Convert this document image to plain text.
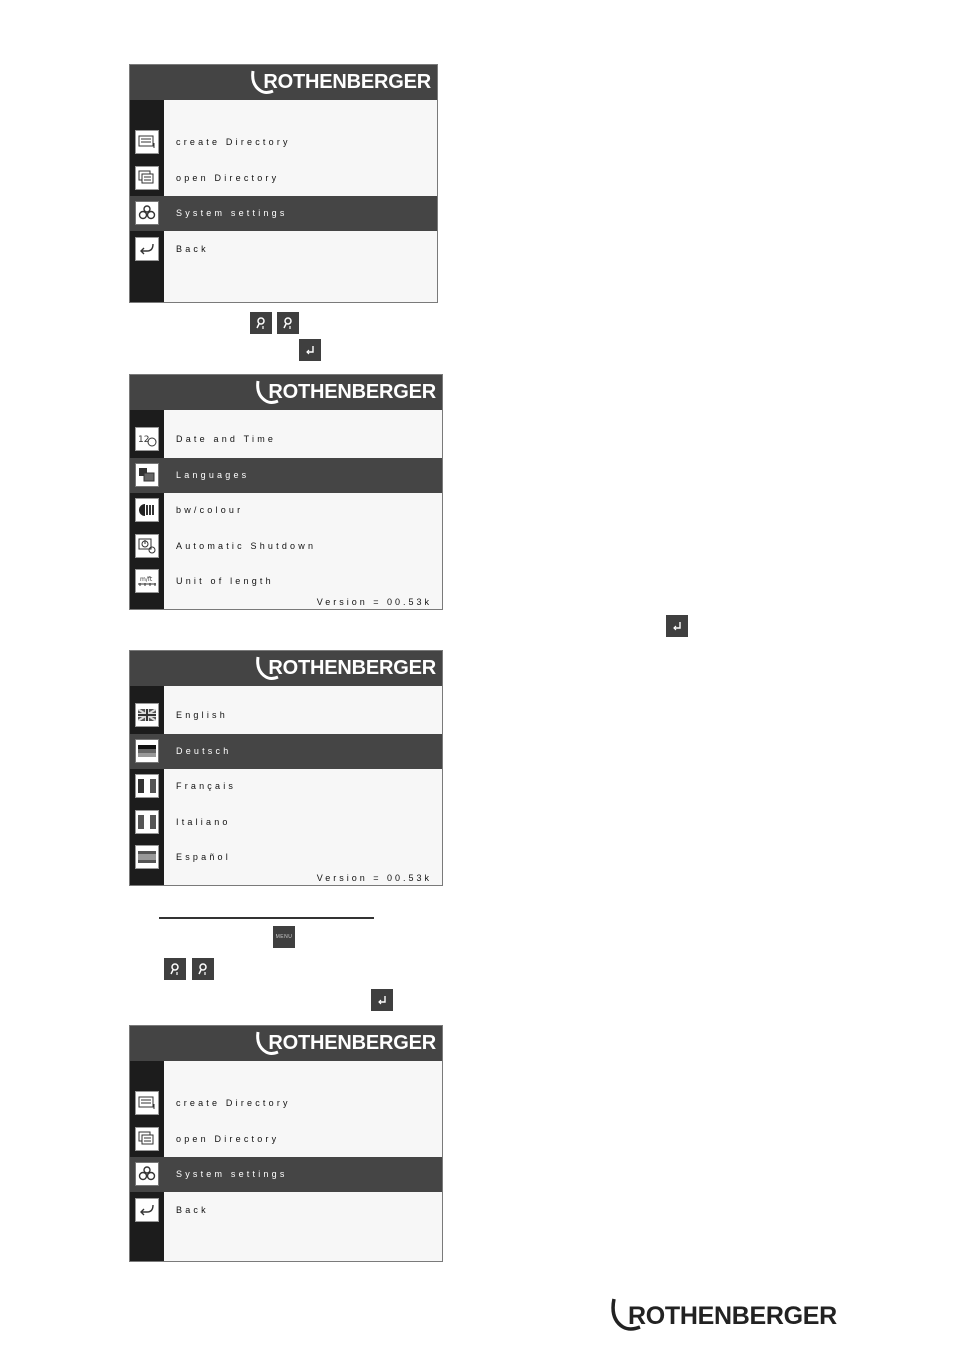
ROTHENBERGER
create Directory
open Directory
System settings
Back
ROTHENBERGER
12	Date and Time
Languages
bw/colour
Automatic Shutdown
m/ft	Unit of length
Version = 00.53k
ROTHENBERGER
English
Deutsch
Français
Italiano
Español
Version = 00.53k
MENU
ROTHENBERGER
create Directory
open Directory
System settings
Back
ROTHENBERGER
